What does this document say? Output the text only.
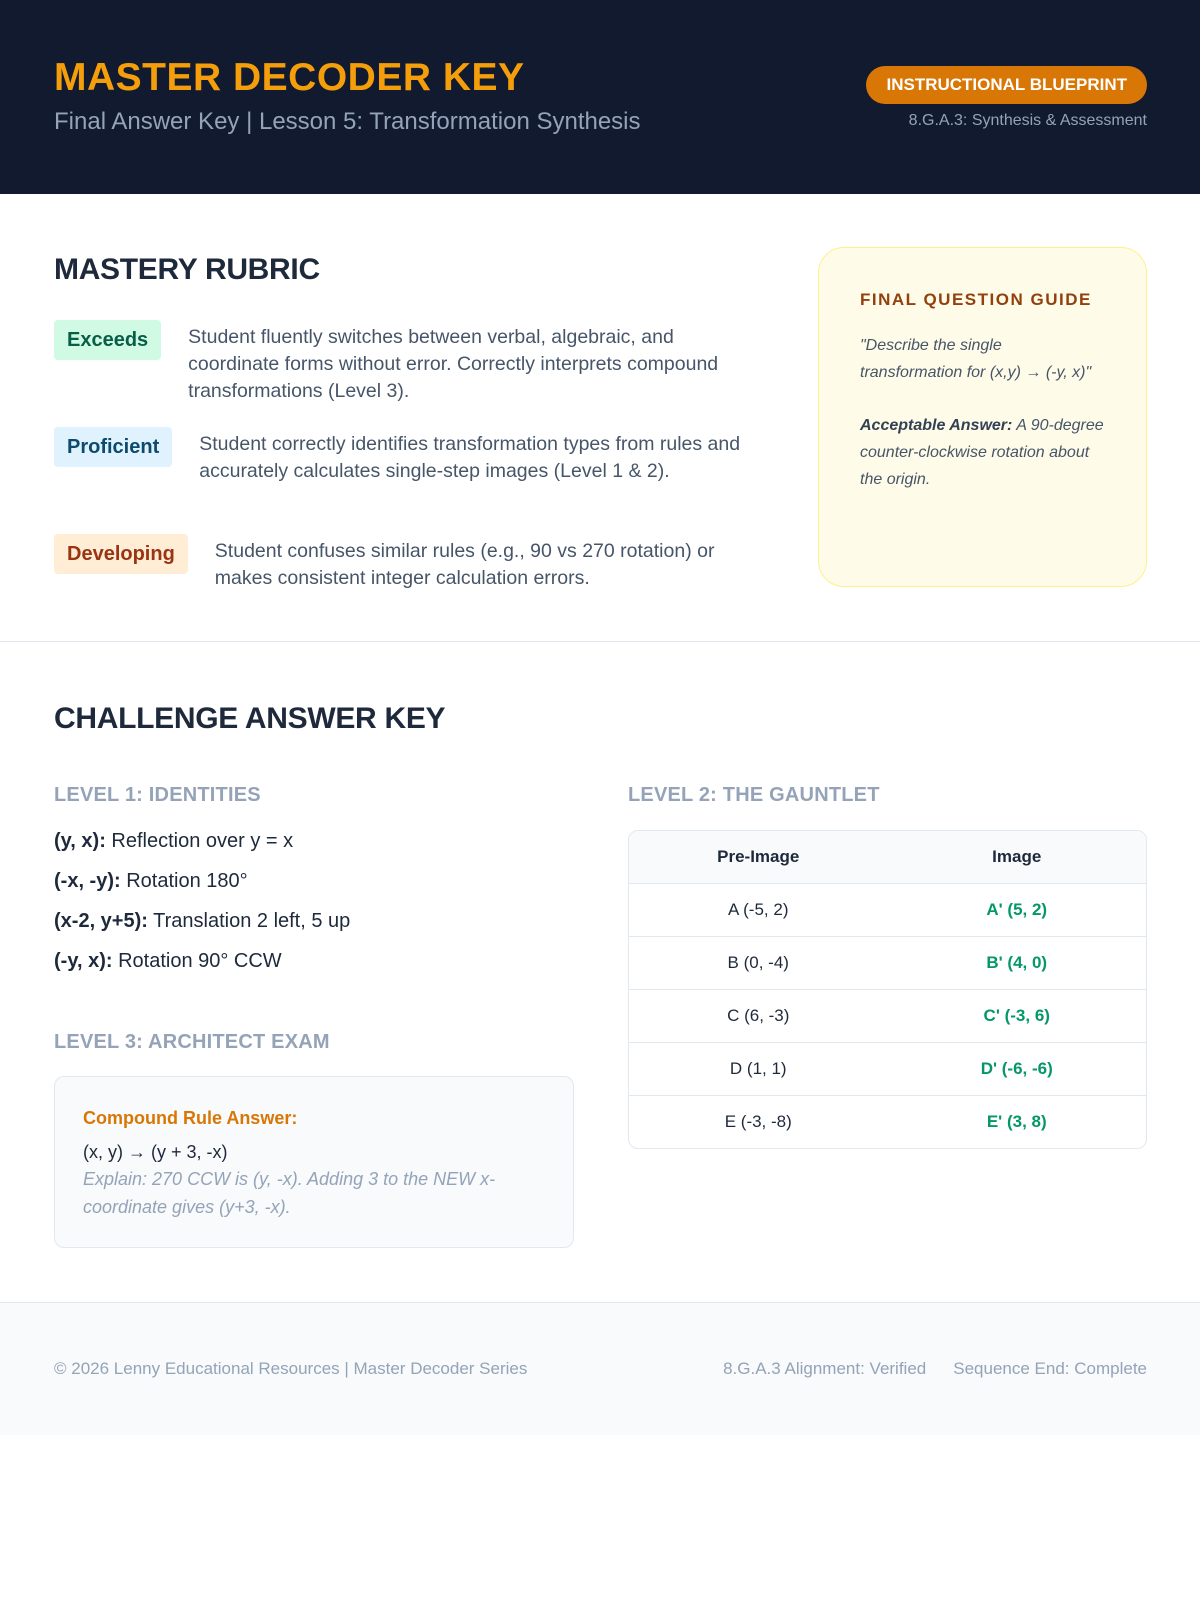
MASTER DECODER KEY
Final Answer Key | Lesson 5: Transformation Synthesis
INSTRUCTIONAL BLUEPRINT
8.G.A.3: Synthesis & Assessment
MASTERY RUBRIC
Exceeds	Student fluently switches between verbal, algebraic, and coordinate forms without error. Correctly interprets compound transformations (Level 3).
Proficient	Student correctly identifies transformation types from rules and accurately calculates single-step images (Level 1 & 2).
Developing	Student confuses similar rules (e.g., 90 vs 270 rotation) or makes consistent integer calculation errors.
FINAL QUESTION GUIDE
"Describe the single transformation for (x,y) → (-y, x)"
Acceptable Answer: A 90-degree counter-clockwise rotation about the origin.
CHALLENGE ANSWER KEY
LEVEL 1: IDENTITIES
(y, x): Reflection over y = x
(-x, -y): Rotation 180°
(x-2, y+5): Translation 2 left, 5 up
(-y, x): Rotation 90° CCW
LEVEL 3: ARCHITECT EXAM
Compound Rule Answer:
(x, y) → (y + 3, -x)
Explain: 270 CCW is (y, -x). Adding 3 to the NEW x-coordinate gives (y+3, -x).
LEVEL 2: THE GAUNTLET
Pre-Image	Image
A (-5, 2)	A' (5, 2)
B (0, -4)	B' (4, 0)
C (6, -3)	C' (-3, 6)
D (1, 1)	D' (-6, -6)
E (-3, -8)	E' (3, 8)
© 2026 Lenny Educational Resources | Master Decoder Series	8.G.A.3 Alignment: Verified Sequence End: Complete
